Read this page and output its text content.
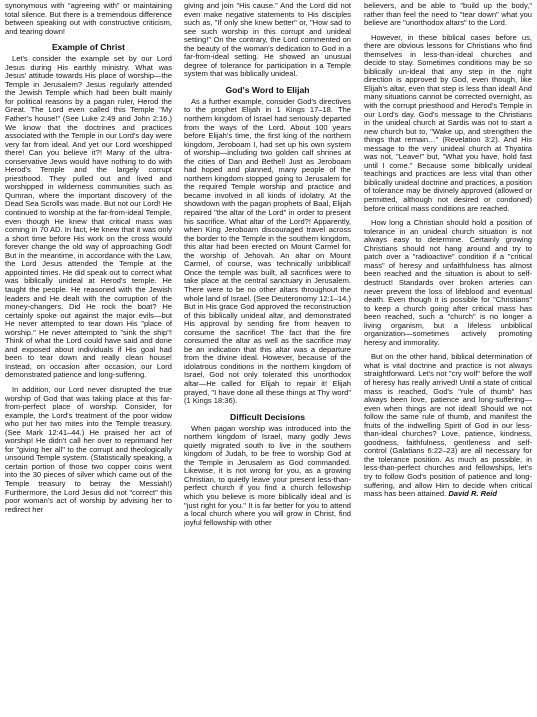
synonymous with "agreeing with" or maintaining total silence. But there is a tremendous difference between speaking out with constructive criticism, and tearing down!

Example of Christ

Let's consider the example set by our Lord Jesus during His earthly ministry. What was Jesus' attitude towards His place of worship—the Temple in Jerusalem? Jesus regularly attended the Jewish Temple which had been built mainly for political reasons by a pagan ruler, Herod the Great. The Lord even called this Temple "My Father's house!" (See Luke 2:49 and John 2:16.) We know that the doctrines and practices associated with the Temple in our Lord's day were very far from ideal. And yet our Lord worshipped there! Can you believe it?! Many of the ultra-conservative Jews would have nothing to do with Herod's Temple and the largely corrupt priesthood. They pulled out and lived and worshipped in wilderness communities such as Qumran, where the important discovery of the Dead Sea Scrolls was made. But not our Lord! He continued to worship at the far-from-ideal Temple, even though He knew that critical mass was coming in 70 AD. In fact, He knew that it was only a short time before His work on the cross would forever change the old way of approaching God! But in the meantime, in accordance with the Law, the Lord Jesus attended the Temple at the appointed times. He did speak out to correct what was biblically unideal at Herod's temple. He taught the people. He reasoned with the Jewish leaders and He dealt with the corruption of the money-changers. Did He rock the boat? He certainly spoke out against the major evils—but He never attempted to tear down His "place of worship." He never attempted to "sink the ship"! Think of what the Lord could have said and done and exposed about individuals if His goal had been to tear down and really clean house! Instead, on occasion after occasion, our Lord demonstrated patience and long-suffering.

In addition, our Lord never disrupted the true worship of God that was taking place at this far-from-perfect place of worship. Consider, for example, the Lord's treatment of the poor widow who put her two mites into the Temple treasury. (See Mark 12:41–44.) He praised her act of worship! He didn't call her over to reprimand her for "giving her all" to the corrupt and theologically unsound Temple system. (Statistically speaking, a certain portion of those two copper coins went into the 30 pieces of silver which came out of the Temple treasury to betray the Messiah!) Furthermore, the Lord Jesus did not "correct" this poor woman's act of worship by advising her to redirect her

giving and join "His cause." And the Lord did not even make negative statements to His disciples such as, "If only she knew better" or, "How sad to see such worship in this corrupt and unideal setting!" On the contrary, the Lord commented on the beauty of the woman's dedication to God in a far-from-ideal setting. He showed an unusual degree of tolerance for participation in a Temple system that was biblically unideal.

God's Word to Elijah

As a further example, consider God's directives to the prophet Elijah in 1 Kings 17–18. The northern kingdom of Israel had seriously departed from the ways of the Lord. About 100 years before Elijah's time, the first king of the northern kingdom, Jeroboam I, had set up his own system of worship—including two golden calf shrines at the cities of Dan and Bethel! Just as Jeroboam had hoped and planned, many people of the northern kingdom stopped going to Jerusalem for the required Temple worship and practice and became involved in all kinds of idolatry. At the showdown with the pagan prophets of Baal, Elijah repaired "the altar of the Lord" in order to present his sacrifice. What altar of the Lord?! Apparently, when King Jeroboam discouraged travel across the border to the Temple in the southern kingdom, this altar had been erected on Mount Carmel for the worship of Jehovah. An altar on Mount Carmel, of course, was technically unbiblical! Once the temple was built, all sacrifices were to take place at the central sanctuary in Jerusalem. There were to be no other altars throughout the whole land of Israel. (See Deuteronomy 12:1–14.) But in His grace God approved the reconstruction of this biblically unideal altar, and demonstrated His approval by sending fire from heaven to consume the sacrifice! The fact that the fire consumed the altar as well as the sacrifice may be an indication that this altar was a departure from the divine ideal. However, because of the idolatrous conditions in the northern kingdom of Israel, God not only tolerated this unorthodox altar—He called for Elijah to repair it! Elijah prayed, "I have done all these things at Thy word" (1 Kings 18:36).

Difficult Decisions

When pagan worship was introduced into the northern kingdom of Israel, many godly Jews quietly migrated south to live in the southern kingdom of Judah, to be free to worship God at the Temple in Jerusalem as God commanded. Likewise, it is not wrong for you, as a growing Christian, to quietly leave your present less-than-perfect church if you find a church fellowship which you believe is more biblically ideal and is "just right for you." It is far better for you to attend a local church where you will grow in Christ, find joyful fellowship with other

believers, and be able to "build up the body," rather than feel the need to "tear down" what you believe are "unorthodox altars" to the Lord.

However, in these biblical cases before us, there are obvious lessons for Christians who find themselves in less-than-ideal churches and decide to stay. Sometimes conditions may be so biblically un-ideal that any step in the right direction is approved by God, even though, like Elijah's altar, even that step is less than ideal! And many situations cannot be corrected overnight, as with the corrupt priesthood and Herod's Temple in our Lord's day. God's message to the Christians in the unideal church at Sardis was not to start a new church but to, "Wake up, and strengthen the things that remain…" (Revelation 3:2). And His message to the very unideal church at Thyatira was not, "Leave!" but, "What you have, hold fast until I come." Because some biblically unideal teachings and practices are less vital than other biblically unideal doctrine and practices, a position of tolerance may be divinely approved (allowed or permitted, although not desired or condoned) before critical mass conditions are reached.

How long a Christian should hold a position of tolerance in an unideal church situation is not always easy to determine. Certainly growing Christians should not hang around and try to patch over a "radioactive" condition if a "critical mass" of heresy and unfaithfulness has almost been reached and the situation is about to self-destruct! Standards over broken arteries can never prevent the loss of lifeblood and eventual death. Even though it is possible for "Christians" to keep a church going after critical mass has been reached, such a "church" is no longer a living organism, but a lifeless unbiblical organization—sometimes actively promoting heresy and immorality.

But on the other hand, biblical determination of what is vital doctrine and practice is not always straightforward. Let's not "cry wolf" before the wolf of heresy has really arrived! Until a state of critical mass is reached, God's "rule of thumb" has always been love, patience and long-suffering—even when things are not ideal! Should we not follow the same rule of thumb, and manifest the fruits of the indwelling Spirit of God in our less-than-ideal churches? Love, patience, kindness, goodness, faithfulness, gentleness and self-control (Galatians 6:22–23) are all necessary for the tolerance position. As much as possible, in less-than-perfect churches and fellowships, let's try to follow God's position of patience and long-suffering, and allow Him to decide when critical mass has been attained. David R. Reid
